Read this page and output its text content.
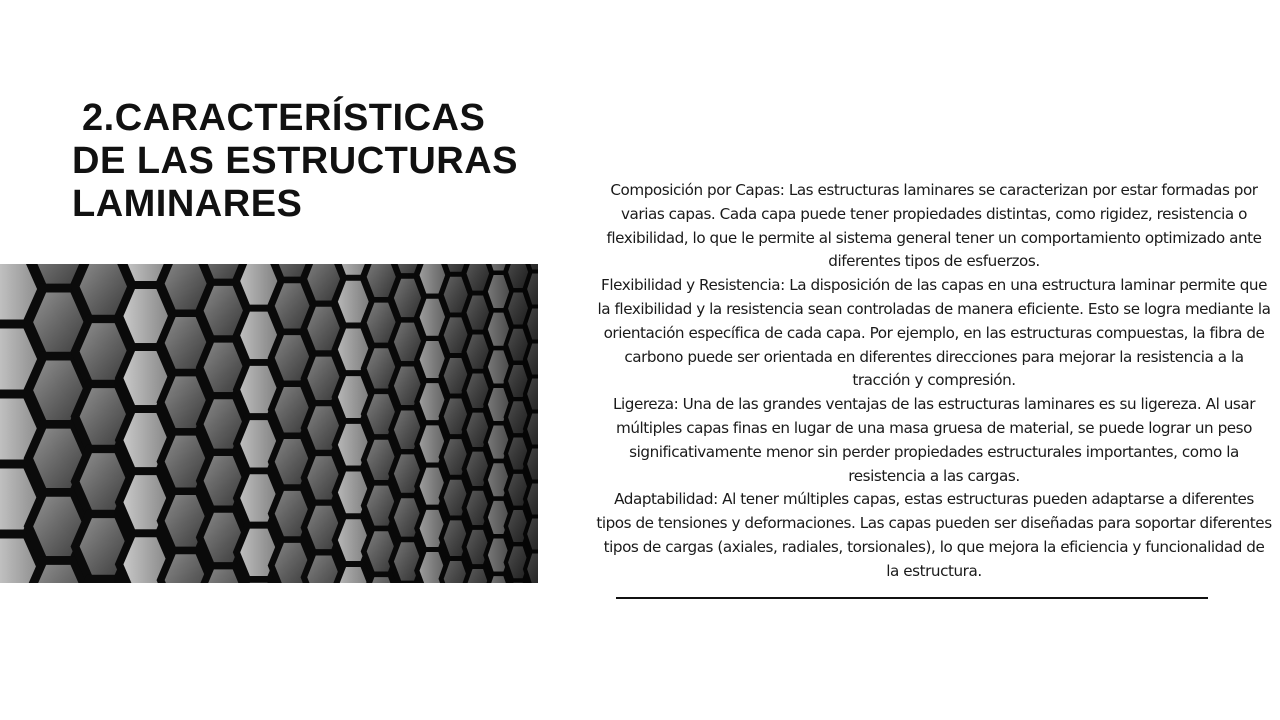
2.CARACTERÍSTICAS
DE LAS ESTRUCTURAS
LAMINARES	Composición por Capas: Las estructuras laminares se caracterizan por estar formadas por varias capas. Cada capa puede tener propiedades distintas, como rigidez, resistencia o flexibilidad, lo que le permite al sistema general tener un comportamiento optimizado ante diferentes tipos de esfuerzos.

Flexibilidad y Resistencia: La disposición de las capas en una estructura laminar permite que la flexibilidad y la resistencia sean controladas de manera eficiente. Esto se logra mediante la orientación específica de cada capa. Por ejemplo, en las estructuras compuestas, la fibra de carbono puede ser orientada en diferentes direcciones para mejorar la resistencia a la tracción y compresión.

Ligereza: Una de las grandes ventajas de las estructuras laminares es su ligereza. Al usar múltiples capas finas en lugar de una masa gruesa de material, se puede lograr un peso significativamente menor sin perder propiedades estructurales importantes, como la resistencia a las cargas.

Adaptabilidad: Al tener múltiples capas, estas estructuras pueden adaptarse a diferentes tipos de tensiones y deformaciones. Las capas pueden ser diseñadas para soportar diferentes tipos de cargas (axiales, radiales, torsionales), lo que mejora la eficiencia y funcionalidad de la estructura.
